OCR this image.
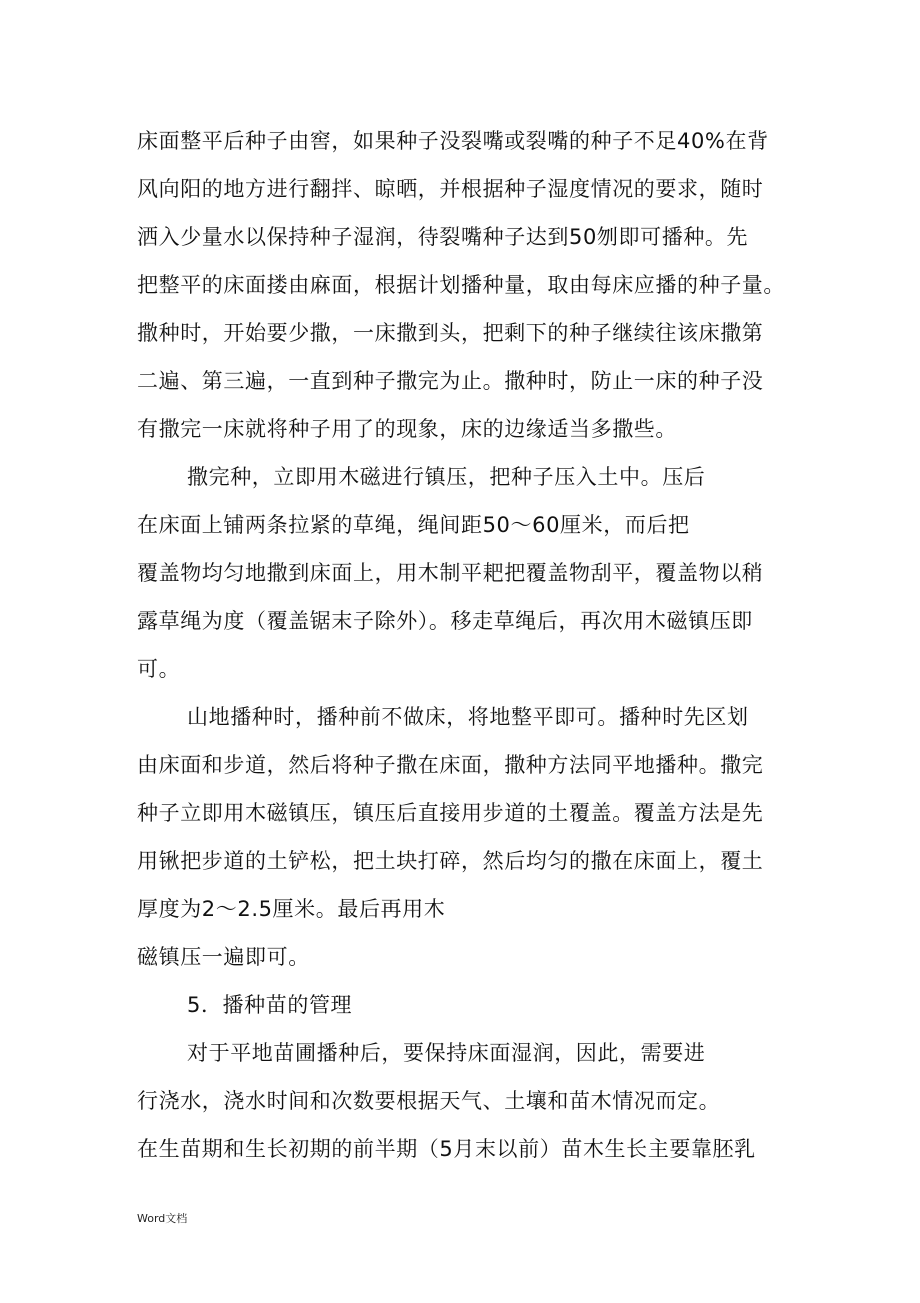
床面整平后种子由窖，如果种子没裂嘴或裂嘴的种子不足40%在背
风向阳的地方进行翻拌、晾晒，并根据种子湿度情况的要求，随时
洒入少量水以保持种子湿润，待裂嘴种子达到50刎即可播种。先
把整平的床面搂由麻面，根据计划播种量，取由每床应播的种子量。
撒种时，开始要少撒，一床撒到头，把剩下的种子继续往该床撒第
二遍、第三遍，一直到种子撒完为止。撒种时，防止一床的种子没
有撒完一床就将种子用了的现象，床的边缘适当多撒些。
撒完种，立即用木磁进行镇压，把种子压入土中。压后
在床面上铺两条拉紧的草绳，绳间距50〜60厘米，而后把
覆盖物均匀地撒到床面上，用木制平耙把覆盖物刮平，覆盖物以稍
露草绳为度（覆盖锯末子除外）。移走草绳后，再次用木磁镇压即
可。
山地播种时，播种前不做床，将地整平即可。播种时先区划
由床面和步道，然后将种子撒在床面，撒种方法同平地播种。撒完
种子立即用木磁镇压，镇压后直接用步道的土覆盖。覆盖方法是先
用锹把步道的土铲松，把土块打碎，然后均匀的撒在床面上，覆土
厚度为2〜2.5厘米。最后再用木
磁镇压一遍即可。
5．播种苗的管理
对于平地苗圃播种后，要保持床面湿润，因此，需要进
行浇水，浇水时间和次数要根据天气、土壤和苗木情况而定。
在生苗期和生长初期的前半期（5月末以前）苗木生长主要靠胚乳
Word文档
